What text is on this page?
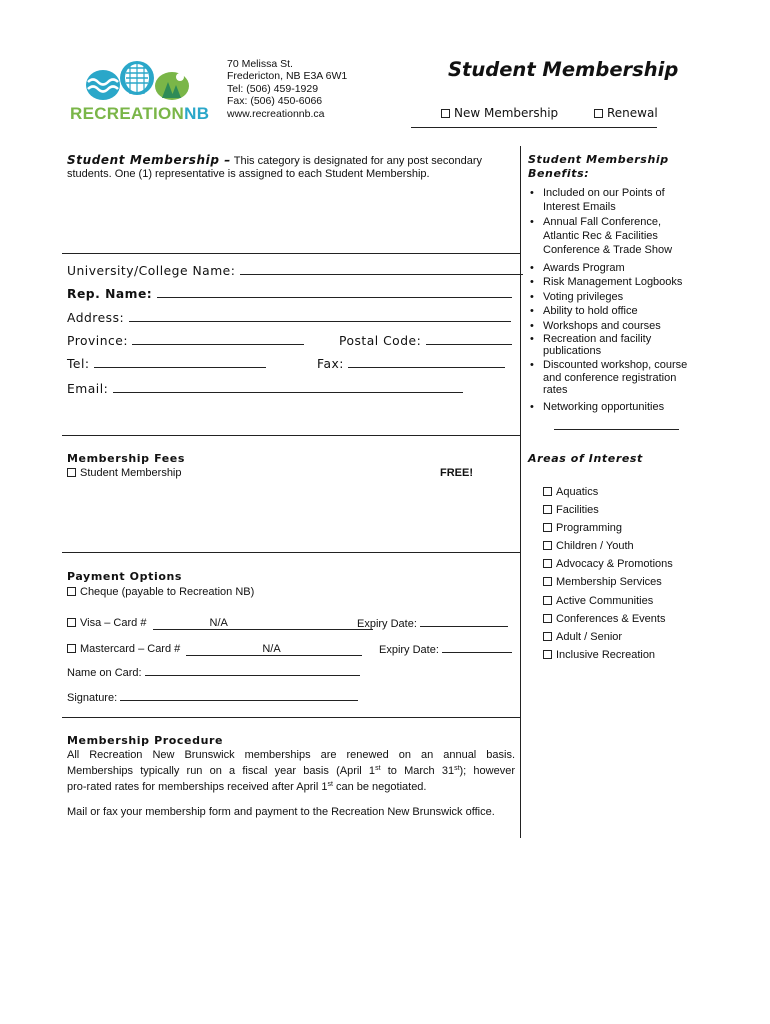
RECREATIONNB
70 Melissa St.
Fredericton, NB E3A 6W1
Tel: (506) 459-1929
Fax: (506) 450-6066
www.recreationnb.ca
Student Membership
New Membership	Renewal
Student Membership – This category is designated for any post secondary
students. One (1) representative is assigned to each Student Membership.
University/College Name:
Rep. Name:
Address:
Province:	Postal Code:
Tel:	Fax:
Email:
Membership Fees
Student Membership	FREE!
Payment Options
Cheque (payable to Recreation NB)
Visa – Card #	N/A	Expiry Date:
Mastercard – Card #	N/A	Expiry Date:
Name on Card:
Signature:
Membership Procedure
All Recreation New Brunswick memberships are renewed on an annual basis.
Memberships typically run on a fiscal year basis (April 1st to March 31st); however
pro-rated rates for memberships received after April 1st can be negotiated.
Mail or fax your membership form and payment to the Recreation New Brunswick office.
Student Membership
Benefits:
• Included on our Points of
Interest Emails
• Annual Fall Conference,
Atlantic Rec & Facilities
Conference & Trade Show
• Awards Program
• Risk Management Logbooks
• Voting privileges
• Ability to hold office
• Workshops and courses
• Recreation and facility
publications
• Discounted workshop, course
and conference registration
rates
• Networking opportunities
Areas of Interest
Aquatics
Facilities
Programming
Children / Youth
Advocacy & Promotions
Membership Services
Active Communities
Conferences & Events
Adult / Senior
Inclusive Recreation
